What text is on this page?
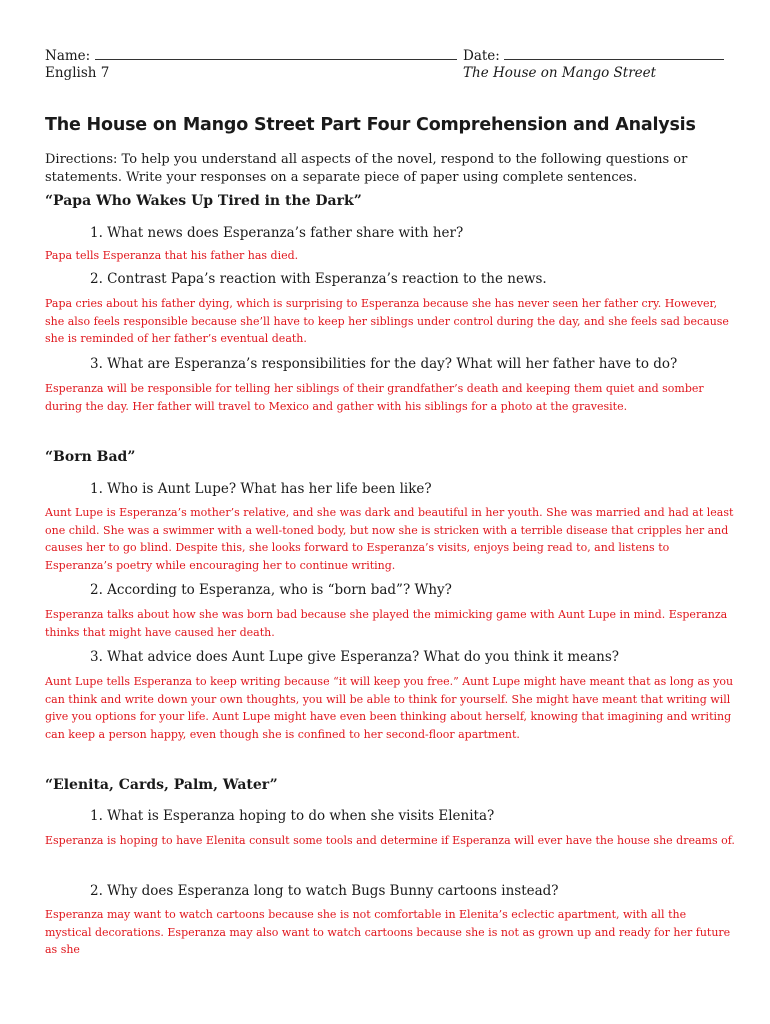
Name:
English 7
Date:
The House on Mango Street
The House on Mango Street Part Four Comprehension and Analysis
Directions: To help you understand all aspects of the novel, respond to the following questions or statements. Write your responses on a separate piece of paper using complete sentences.
“Papa Who Wakes Up Tired in the Dark”
1. What news does Esperanza’s father share with her?
Papa tells Esperanza that his father has died.
2. Contrast Papa’s reaction with Esperanza’s reaction to the news.
Papa cries about his father dying, which is surprising to Esperanza because she has never seen her father cry. However, she also feels responsible because she’ll have to keep her siblings under control during the day, and she feels sad because she is reminded of her father’s eventual death.
3. What are Esperanza’s responsibilities for the day? What will her father have to do?
Esperanza will be responsible for telling her siblings of their grandfather’s death and keeping them quiet and somber during the day. Her father will travel to Mexico and gather with his siblings for a photo at the gravesite.
“Born Bad”
1. Who is Aunt Lupe? What has her life been like?
Aunt Lupe is Esperanza’s mother’s relative, and she was dark and beautiful in her youth. She was married and had at least one child. She was a swimmer with a well-toned body, but now she is stricken with a terrible disease that cripples her and causes her to go blind. Despite this, she looks forward to Esperanza’s visits, enjoys being read to, and listens to Esperanza’s poetry while encouraging her to continue writing.
2. According to Esperanza, who is “born bad”? Why?
Esperanza talks about how she was born bad because she played the mimicking game with Aunt Lupe in mind. Esperanza thinks that might have caused her death.
3. What advice does Aunt Lupe give Esperanza? What do you think it means?
Aunt Lupe tells Esperanza to keep writing because “it will keep you free.” Aunt Lupe might have meant that as long as you can think and write down your own thoughts, you will be able to think for yourself. She might have meant that writing will give you options for your life. Aunt Lupe might have even been thinking about herself, knowing that imagining and writing can keep a person happy, even though she is confined to her second-floor apartment.
“Elenita, Cards, Palm, Water”
1. What is Esperanza hoping to do when she visits Elenita?
Esperanza is hoping to have Elenita consult some tools and determine if Esperanza will ever have the house she dreams of.
2. Why does Esperanza long to watch Bugs Bunny cartoons instead?
Esperanza may want to watch cartoons because she is not comfortable in Elenita’s eclectic apartment, with all the mystical decorations. Esperanza may also want to watch cartoons because she is not as grown up and ready for her future as she
